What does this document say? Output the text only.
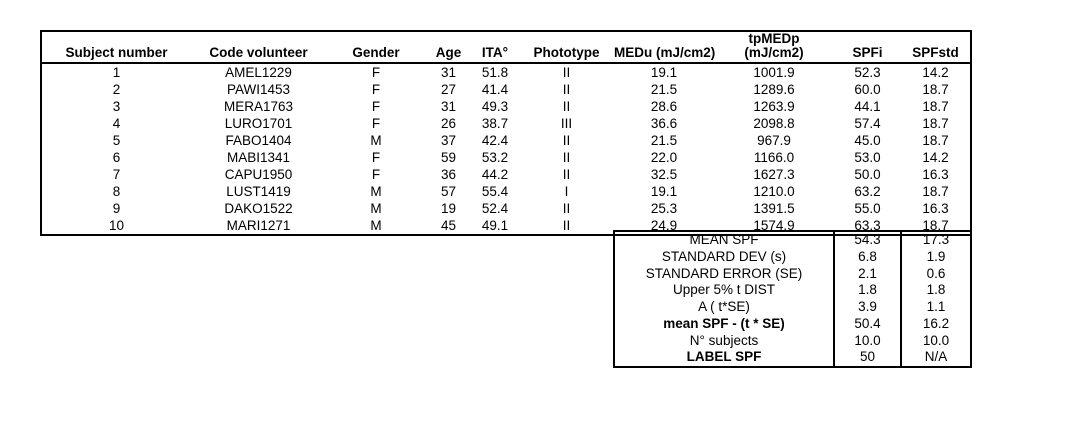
Subject number	Code volunteer	Gender	Age	ITA°	Phototype	MEDu (mJ/cm2)	tpMEDp
(mJ/cm2)	SPFi	SPFstd
1	AMEL1229	F	31	51.8	II	19.1	1001.9	52.3	14.2
2	PAWI1453	F	27	41.4	II	21.5	1289.6	60.0	18.7
3	MERA1763	F	31	49.3	II	28.6	1263.9	44.1	18.7
4	LURO1701	F	26	38.7	III	36.6	2098.8	57.4	18.7
5	FABO1404	M	37	42.4	II	21.5	967.9	45.0	18.7
6	MABI1341	F	59	53.2	II	22.0	1166.0	53.0	14.2
7	CAPU1950	F	36	44.2	II	32.5	1627.3	50.0	16.3
8	LUST1419	M	57	55.4	I	19.1	1210.0	63.2	18.7
9	DAKO1522	M	19	52.4	II	25.3	1391.5	55.0	16.3
10	MARI1271	M	45	49.1	II	24.9	1574.9	63.3	18.7
MEAN SPF	54.3	17.3
STANDARD DEV (s)	6.8	1.9
STANDARD ERROR (SE)	2.1	0.6
Upper 5% t DIST	1.8	1.8
A ( t*SE)	3.9	1.1
mean SPF - (t * SE)	50.4	16.2
N° subjects	10.0	10.0
LABEL SPF	50	N/A
